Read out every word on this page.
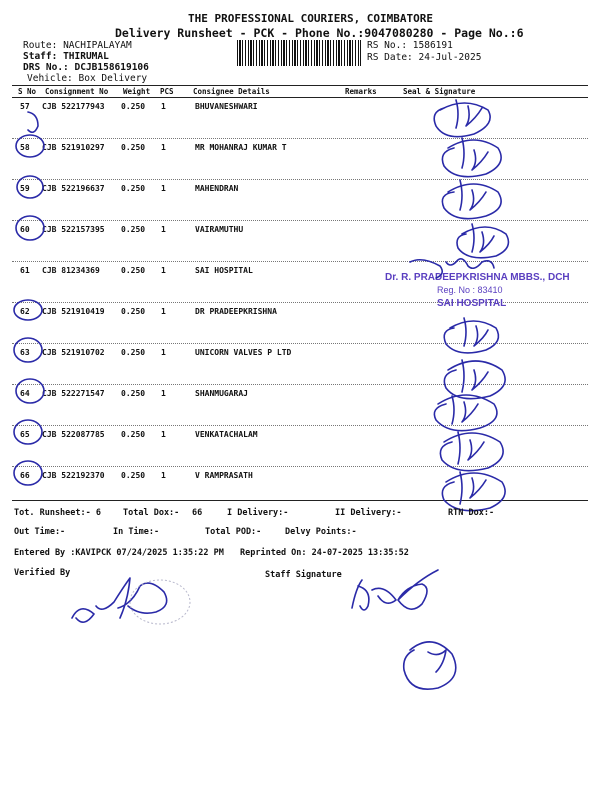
THE PROFESSIONAL COURIERS, COIMBATORE
Delivery Runsheet - PCK - Phone No.:9047080280 - Page No.:6
Route: NACHIPALAYAM
Staff: THIRUMAL
DRS No.: DCJB158619106
Vehicle: Box Delivery
RS No.: 1586191
RS Date: 24-Jul-2025
S No Consignment No Weight PCS	Consignee Details	Remarks	Seal & Signature
57 CJB 522177943 0.250 1	BHUVANESHWARI
58 CJB 521910297 0.250 1	MR MOHANRAJ KUMAR T
59 CJB 522196637 0.250 1	MAHENDRAN
60 CJB 522157395 0.250 1	VAIRAMUTHU
61 CJB 81234369	0.250 1	SAI HOSPITAL
62 CJB 521910419 0.250 1	DR PRADEEPKRISHNA
63 CJB 521910702 0.250 1	UNICORN VALVES P LTD
64 CJB 522271547 0.250 1	SHANMUGARAJ
65 CJB 522087785 0.250 1	VENKATACHALAM
66 CJB 522192370 0.250 1	V RAMPRASATH
Dr. R. PRADEEPKRISHNA MBBS., DCH
Reg. No : 83410
SAI HOSPITAL
Tot. Runsheet:- 6	Total Dox:- 66	I Delivery:-	II Delivery:-	RTN Dox:-
Out Time:-	In Time:-	Total POD:-	Delvy Points:-
Entered By :KAVIPCK 07/24/2025 1:35:22 PM Reprinted On: 24-07-2025 13:35:52
Verified By	Staff Signature
